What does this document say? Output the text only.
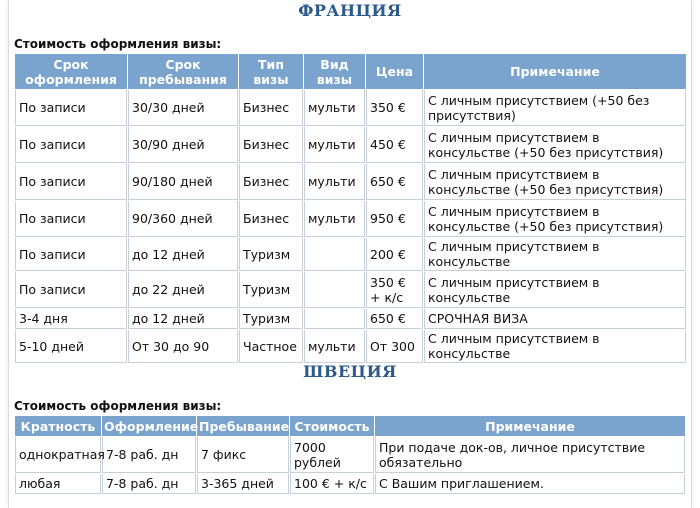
ФРАНЦИЯ
Стоимость оформления визы:
Срок оформления	Срок пребывания	Тип визы	Вид визы	Цена	Примечание
По записи	30/30 дней	Бизнес	мульти	350 €	С личным присутствием (+50 без присутствия)
По записи	30/90 дней	Бизнес	мульти	450 €	С личным присутствием в консульстве (+50 без присутствия)
По записи	90/180 дней	Бизнес	мульти	650 €	С личным присутствием в консульстве (+50 без присутствия)
По записи	90/360 дней	Бизнес	мульти	950 €	С личным присутствием в консульстве (+50 без присутствия)
По записи	до 12 дней	Туризм		200 €	С личным присутствием в консульстве
По записи	до 22 дней	Туризм		350 € + к/с	С личным присутствием в консульстве
3-4 дня	до 12 дней	Туризм		650 €	СРОЧНАЯ ВИЗА
5-10 дней	От 30 до 90	Частное	мульти	От 300	С личным присутствием в консульстве
ШВЕЦИЯ
Стоимость оформления визы:
Кратность	Оформление	Пребывание	Стоимость	Примечание
однократная	7-8 раб. дн	7 фикс	7000 рублей	При подаче док-ов, личное присутствие обязательно
любая	7-8 раб. дн	3-365 дней	100 € + к/с	С Вашим приглашением.
